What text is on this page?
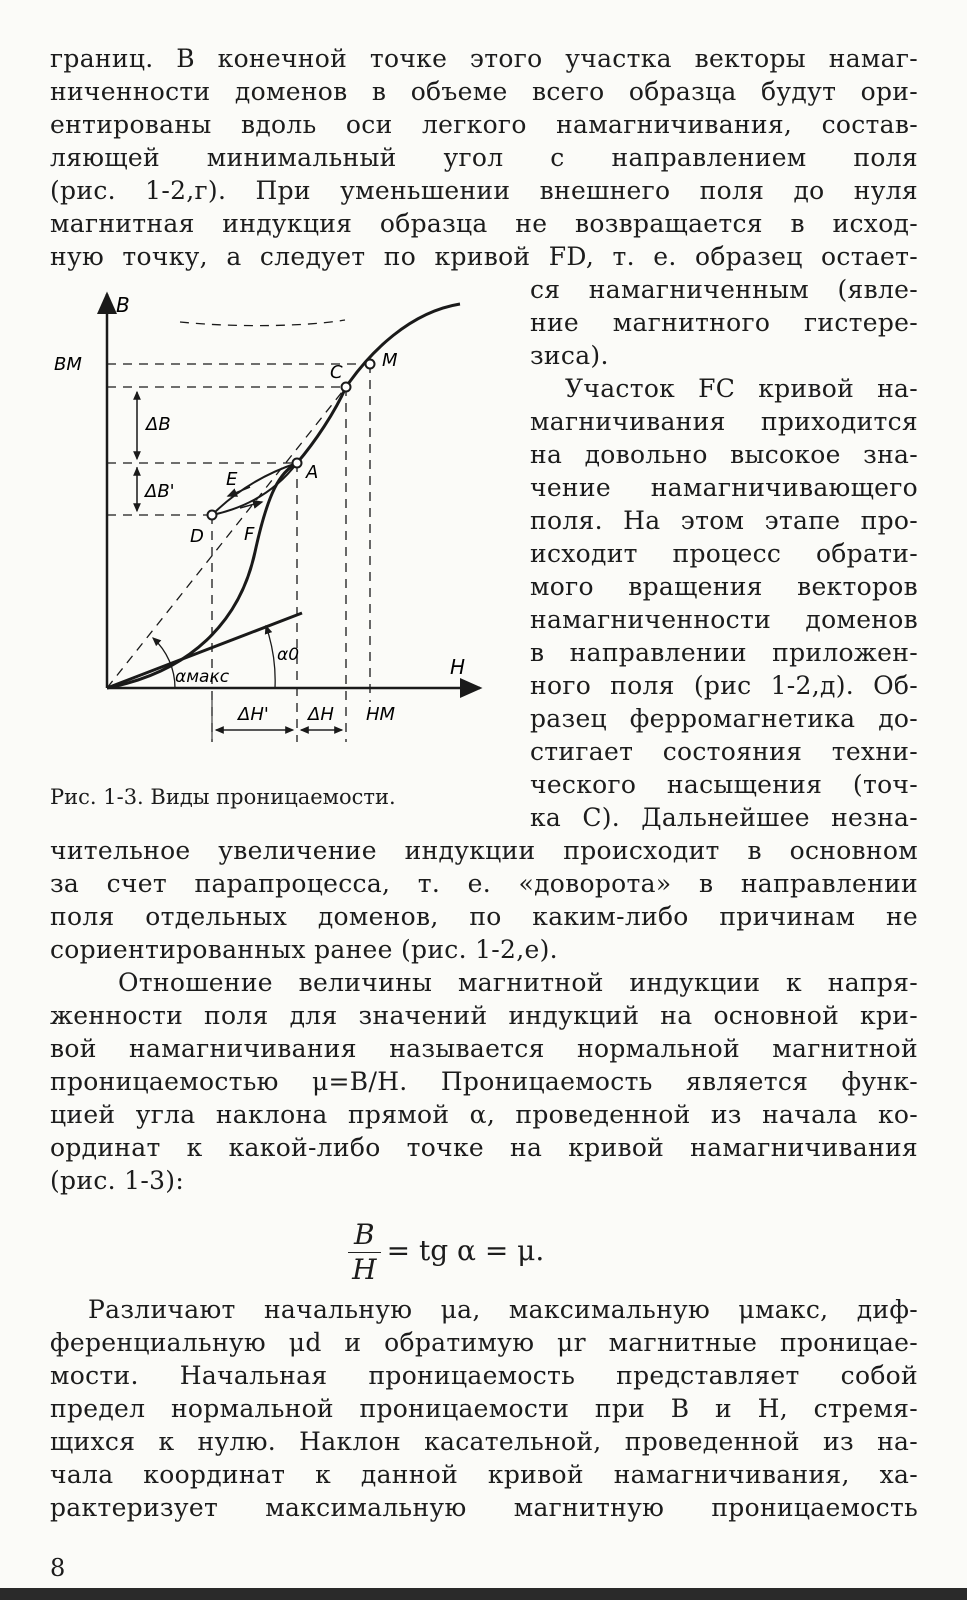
границ. В конечной точке этого участка векторы намаг-
ниченности доменов в объеме всего образца будут ори-
ентированы вдоль оси легкого намагничивания, состав-
ляющей минимальный угол с направлением поля
(рис. 1-2,г). При уменьшении внешнего поля до нуля
магнитная индукция образца не возвращается в исход-
ную точку, а следует по кривой FD, т. е. образец остает-
ся намагниченным (явле-
ние магнитного гистере-
зиса).
Участок FC кривой на-
магничивания приходится
на довольно высокое зна-
чение намагничивающего
поля. На этом этапе про-
исходит процесс обрати-
мого вращения векторов
намагниченности доменов
в направлении приложен-
ного поля (рис 1-2,д). Об-
разец ферромагнетика до-
стигает состояния техни-
ческого насыщения (точ-
ка C). Дальнейшее незна-
B
BM
ΔB
ΔB'
C
M
A
E
D F
H
αмакс
α0
ΔH' ΔH HM
Рис. 1-3. Виды проницаемости.
чительное увеличение индукции происходит в основном
за счет парапроцесса, т. е. «доворота» в направлении
поля отдельных доменов, по каким-либо причинам не
сориентированных ранее (рис. 1-2,е).
Отношение величины магнитной индукции к напря-
женности поля для значений индукций на основной кри-
вой намагничивания называется нормальной магнитной
проницаемостью μ=B/H. Проницаемость является функ-
цией угла наклона прямой α, проведенной из начала ко-
ординат к какой-либо точке на кривой намагничивания
(рис. 1-3):
$\frac{B}{H}$ = tg α = μ.
Различают начальную μa, максимальную μмакс, диф-
ференциальную μd и обратимую μr магнитные проницае-
мости. Начальная проницаемость представляет собой
предел нормальной проницаемости при B и H, стремя-
щихся к нулю. Наклон касательной, проведенной из на-
чала координат к данной кривой намагничивания, ха-
рактеризует максимальную магнитную проницаемость
8
